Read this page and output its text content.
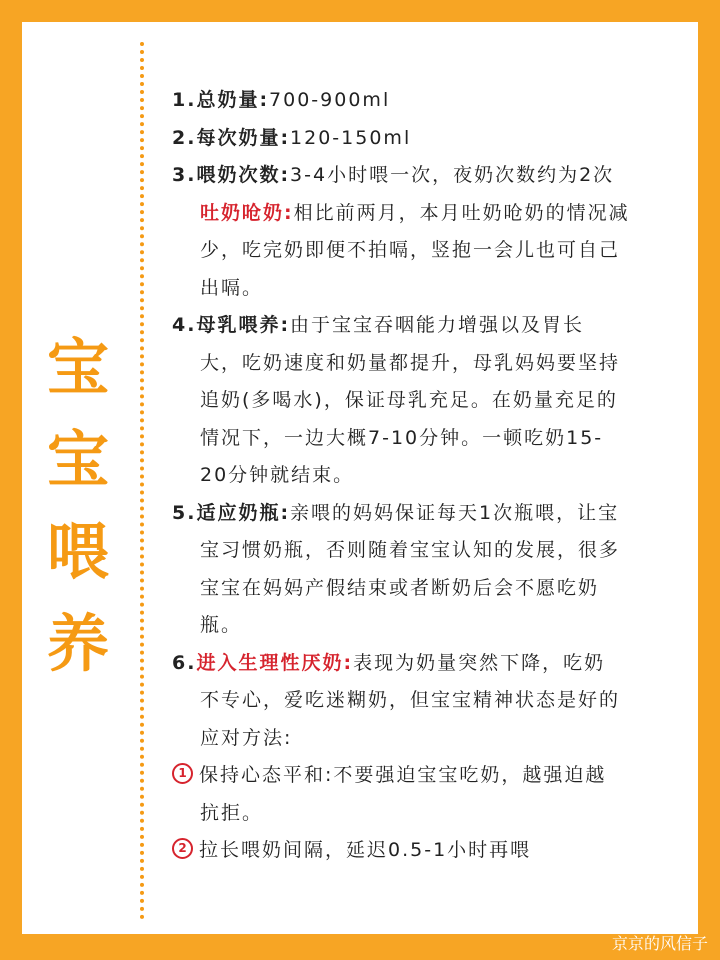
宝
宝
喂
养
1.总奶量:700-900ml
2.每次奶量:120-150ml
3.喂奶次数:3-4小时喂一次，夜奶次数约为2次
吐奶呛奶:相比前两月，本月吐奶呛奶的情况减
少，吃完奶即便不拍嗝，竖抱一会儿也可自己
出嗝。
4.母乳喂养:由于宝宝吞咽能力增强以及胃长
大，吃奶速度和奶量都提升，母乳妈妈要坚持
追奶(多喝水)，保证母乳充足。在奶量充足的
情况下，一边大概7-10分钟。一顿吃奶15-
20分钟就结束。
5.适应奶瓶:亲喂的妈妈保证每天1次瓶喂，让宝
宝习惯奶瓶，否则随着宝宝认知的发展，很多
宝宝在妈妈产假结束或者断奶后会不愿吃奶
瓶。
6.进入生理性厌奶:表现为奶量突然下降，吃奶
不专心，爱吃迷糊奶，但宝宝精神状态是好的
应对方法:
1 保持心态平和:不要强迫宝宝吃奶，越强迫越
抗拒。
2 拉长喂奶间隔，延迟0.5-1小时再喂
京京的风信子
